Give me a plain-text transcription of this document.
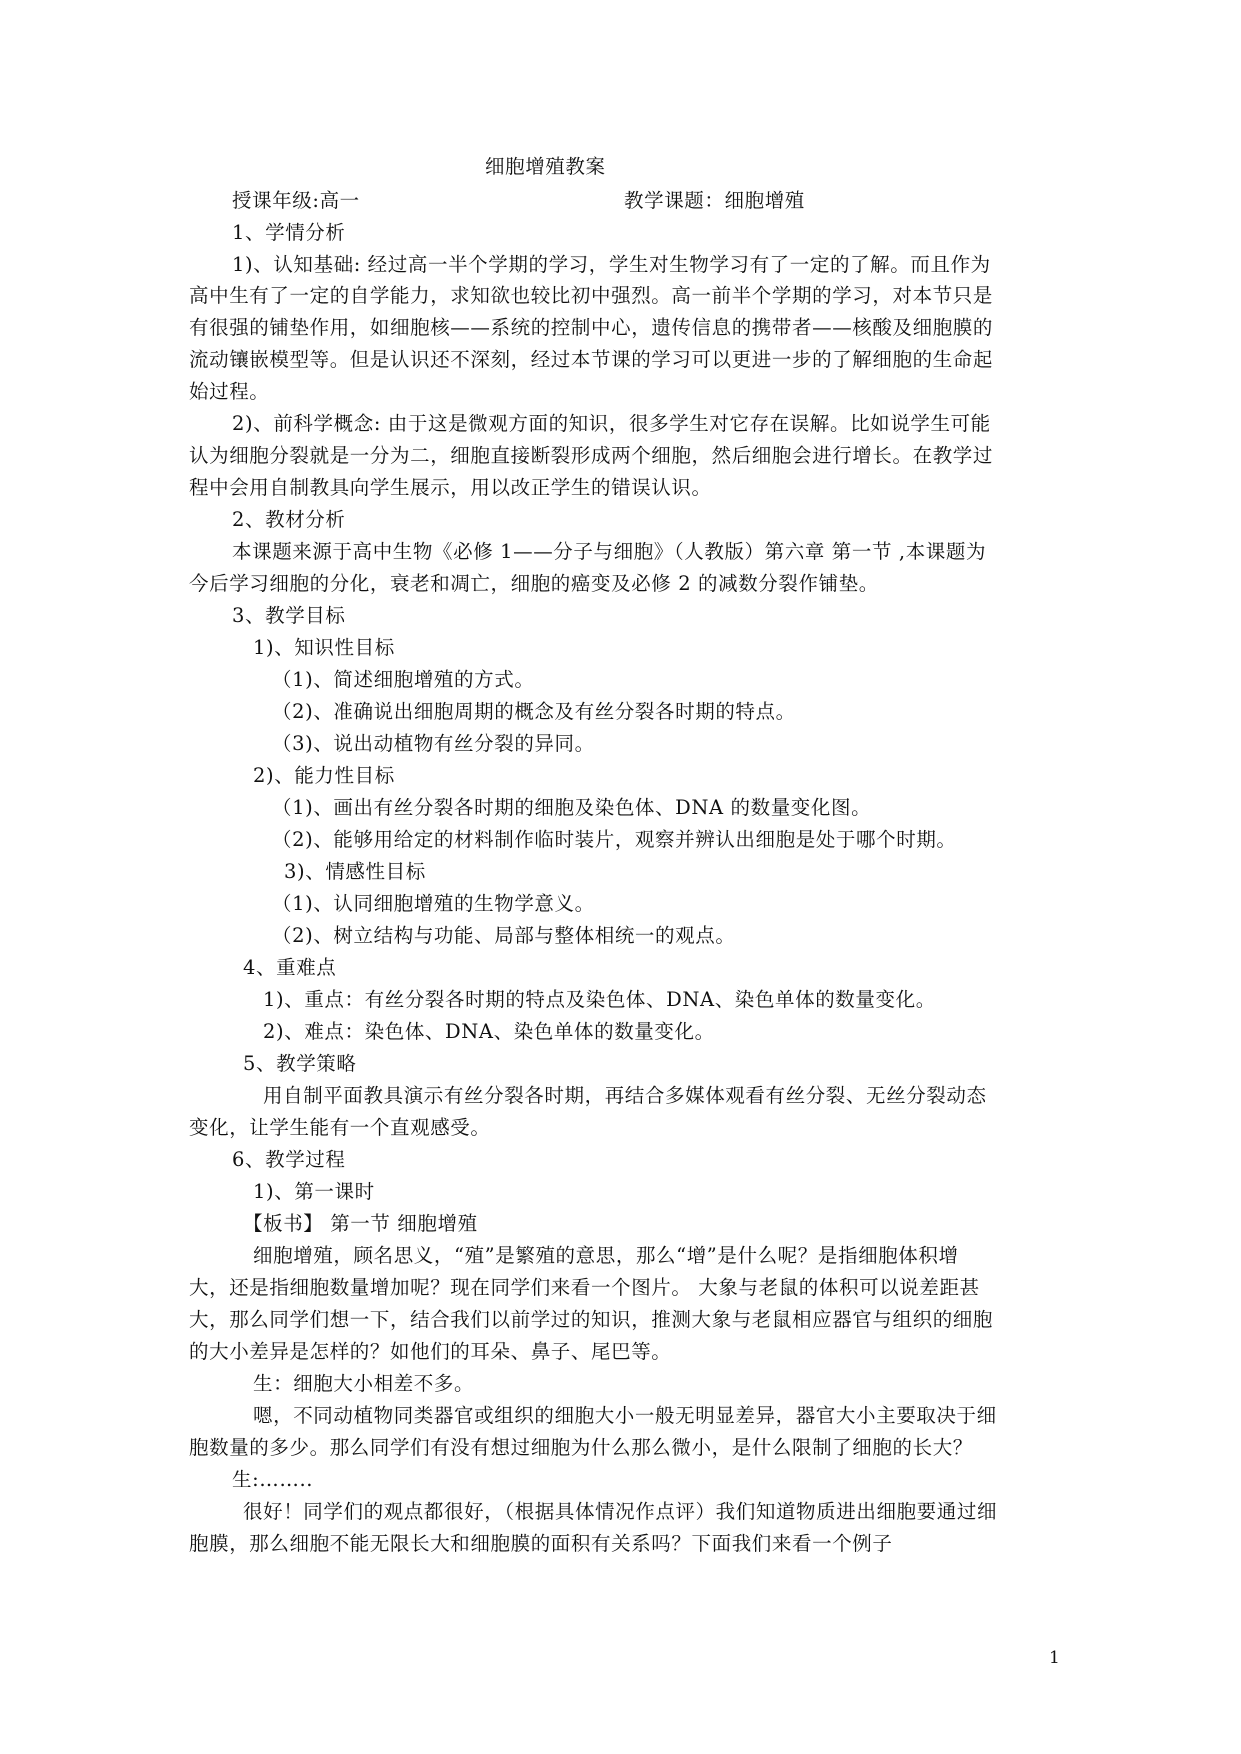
细胞增殖教案
授课年级:高一	教学课题：细胞增殖
1、学情分析
1)、认知基础: 经过高一半个学期的学习，学生对生物学习有了一定的了解。而且作为
高中生有了一定的自学能力，求知欲也较比初中强烈。高一前半个学期的学习，对本节只是
有很强的铺垫作用，如细胞核——系统的控制中心，遗传信息的携带者——核酸及细胞膜的
流动镶嵌模型等。但是认识还不深刻，经过本节课的学习可以更进一步的了解细胞的生命起
始过程。
2)、前科学概念: 由于这是微观方面的知识，很多学生对它存在误解。比如说学生可能
认为细胞分裂就是一分为二，细胞直接断裂形成两个细胞，然后细胞会进行增长。在教学过
程中会用自制教具向学生展示，用以改正学生的错误认识。
2、教材分析
本课题来源于高中生物《必修 1——分子与细胞》（人教版）第六章 第一节 ,本课题为
今后学习细胞的分化，衰老和凋亡，细胞的癌变及必修 2 的减数分裂作铺垫。
3、教学目标
1)、知识性目标
（1)、简述细胞增殖的方式。
（2)、准确说出细胞周期的概念及有丝分裂各时期的特点。
（3)、说出动植物有丝分裂的异同。
2)、能力性目标
（1)、画出有丝分裂各时期的细胞及染色体、DNA 的数量变化图。
（2)、能够用给定的材料制作临时装片，观察并辨认出细胞是处于哪个时期。
3)、情感性目标
（1)、认同细胞增殖的生物学意义。
（2)、树立结构与功能、局部与整体相统一的观点。
4、重难点
1)、重点：有丝分裂各时期的特点及染色体、DNA、染色单体的数量变化。
2)、难点：染色体、DNA、染色单体的数量变化。
5、教学策略
用自制平面教具演示有丝分裂各时期，再结合多媒体观看有丝分裂、无丝分裂动态
变化，让学生能有一个直观感受。
6、教学过程
1)、第一课时
【板书】 第一节 细胞增殖
细胞增殖，顾名思义，“殖”是繁殖的意思，那么“增”是什么呢？是指细胞体积增
大，还是指细胞数量增加呢？现在同学们来看一个图片。 大象与老鼠的体积可以说差距甚
大，那么同学们想一下，结合我们以前学过的知识，推测大象与老鼠相应器官与组织的细胞
的大小差异是怎样的？如他们的耳朵、鼻子、尾巴等。
生：细胞大小相差不多。
嗯，不同动植物同类器官或组织的细胞大小一般无明显差异，器官大小主要取决于细
胞数量的多少。那么同学们有没有想过细胞为什么那么微小，是什么限制了细胞的长大？
生:……..
很好！同学们的观点都很好，（根据具体情况作点评）我们知道物质进出细胞要通过细
胞膜，那么细胞不能无限长大和细胞膜的面积有关系吗？下面我们来看一个例子
1
